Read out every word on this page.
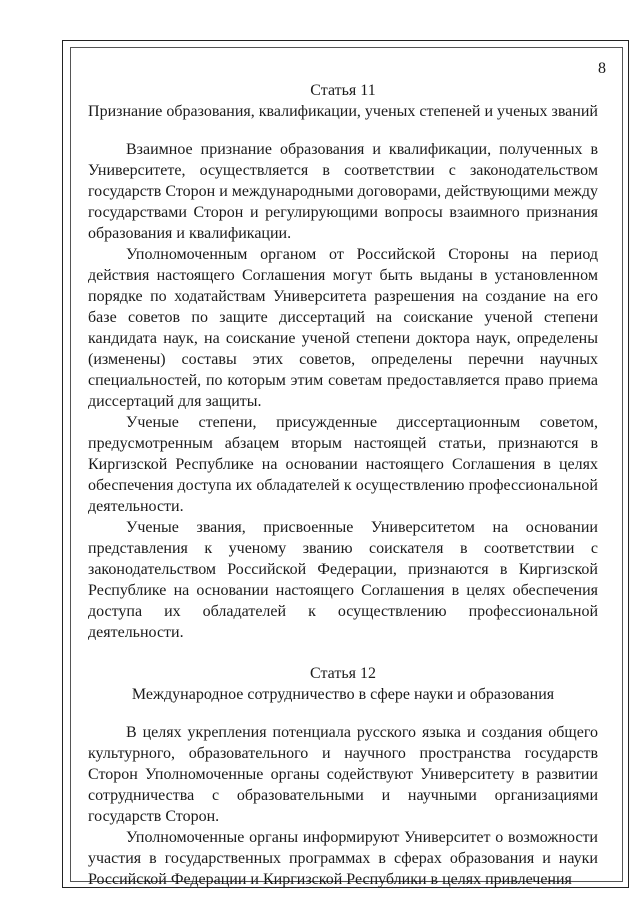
8

Статья 11

Признание образования, квалификации, ученых степеней и ученых званий

Взаимное признание образования и квалификации, полученных в Университете, осуществляется в соответствии с законодательством государств Сторон и международными договорами, действующими между государствами Сторон и регулирующими вопросы взаимного признания образования и квалификации.

Уполномоченным органом от Российской Стороны на период действия настоящего Соглашения могут быть выданы в установленном порядке по ходатайствам Университета разрешения на создание на его базе советов по защите диссертаций на соискание ученой степени кандидата наук, на соискание ученой степени доктора наук, определены (изменены) составы этих советов, определены перечни научных специальностей, по которым этим советам предоставляется право приема диссертаций для защиты.

Ученые степени, присужденные диссертационным советом, предусмотренным абзацем вторым настоящей статьи, признаются в Киргизской Республике на основании настоящего Соглашения в целях обеспечения доступа их обладателей к осуществлению профессиональной деятельности.

Ученые звания, присвоенные Университетом на основании представления к ученому званию соискателя в соответствии с законодательством Российской Федерации, признаются в Киргизской Республике на основании настоящего Соглашения в целях обеспечения доступа их обладателей к осуществлению профессиональной деятельности.

Статья 12

Международное сотрудничество в сфере науки и образования

В целях укрепления потенциала русского языка и создания общего культурного, образовательного и научного пространства государств Сторон Уполномоченные органы содействуют Университету в развитии сотрудничества с образовательными и научными организациями государств Сторон.

Уполномоченные органы информируют Университет о возможности участия в государственных программах в сферах образования и науки Российской Федерации и Киргизской Республики в целях привлечения
